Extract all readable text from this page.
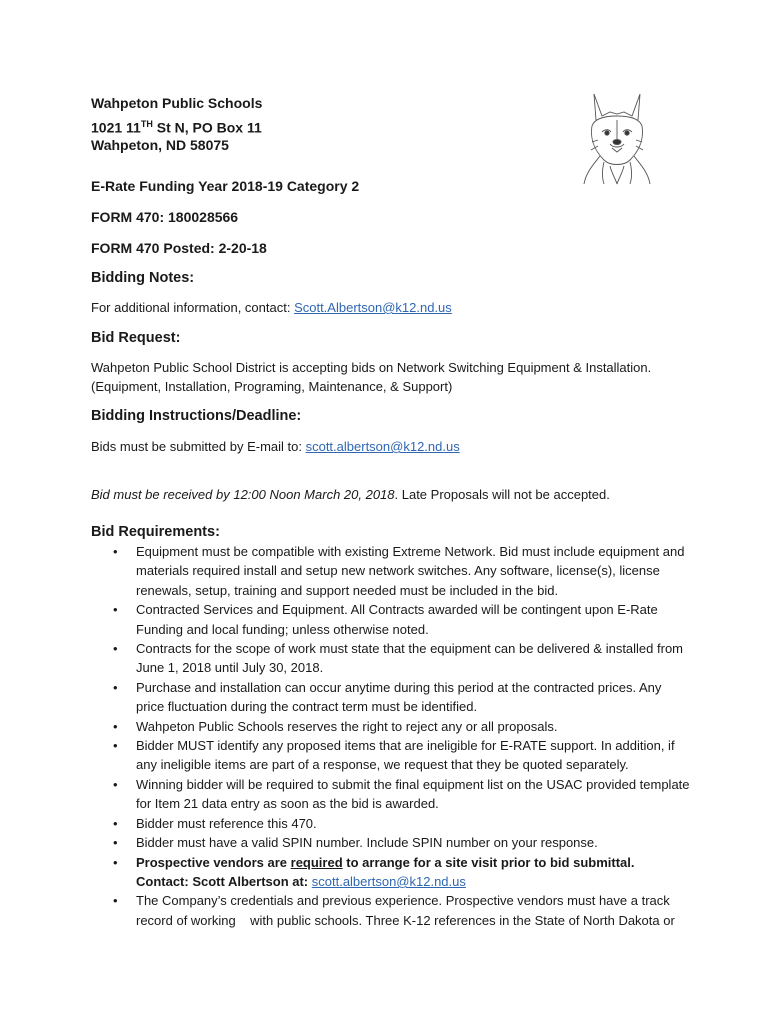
Wahpeton Public Schools
1021 11TH St N, PO Box 11
Wahpeton, ND 58075
E-Rate Funding Year 2018-19 Category 2
FORM 470: 180028566
FORM 470 Posted: 2-20-18
Bidding Notes:
For additional information, contact: Scott.Albertson@k12.nd.us
Bid Request:
Wahpeton Public School District is accepting bids on Network Switching Equipment & Installation.
(Equipment, Installation, Programing, Maintenance, & Support)
Bidding Instructions/Deadline:
Bids must be submitted by E-mail to: scott.albertson@k12.nd.us
Bid must be received by 12:00 Noon March 20, 2018. Late Proposals will not be accepted.
Bid Requirements:
• Equipment must be compatible with existing Extreme Network. Bid must include equipment and materials required install and setup new network switches. Any software, license(s), license renewals, setup, training and support needed must be included in the bid.
• Contracted Services and Equipment. All Contracts awarded will be contingent upon E-Rate Funding and local funding; unless otherwise noted.
• Contracts for the scope of work must state that the equipment can be delivered & installed from June 1, 2018 until July 30, 2018.
• Purchase and installation can occur anytime during this period at the contracted prices. Any price fluctuation during the contract term must be identified.
• Wahpeton Public Schools reserves the right to reject any or all proposals.
• Bidder MUST identify any proposed items that are ineligible for E-RATE support. In addition, if any ineligible items are part of a response, we request that they be quoted separately.
• Winning bidder will be required to submit the final equipment list on the USAC provided template for Item 21 data entry as soon as the bid is awarded.
• Bidder must reference this 470.
• Bidder must have a valid SPIN number. Include SPIN number on your response.
• Prospective vendors are required to arrange for a site visit prior to bid submittal.
Contact: Scott Albertson at: scott.albertson@k12.nd.us
• The Company’s credentials and previous experience. Prospective vendors must have a track record of working    with public schools. Three K-12 references in the State of North Dakota or
